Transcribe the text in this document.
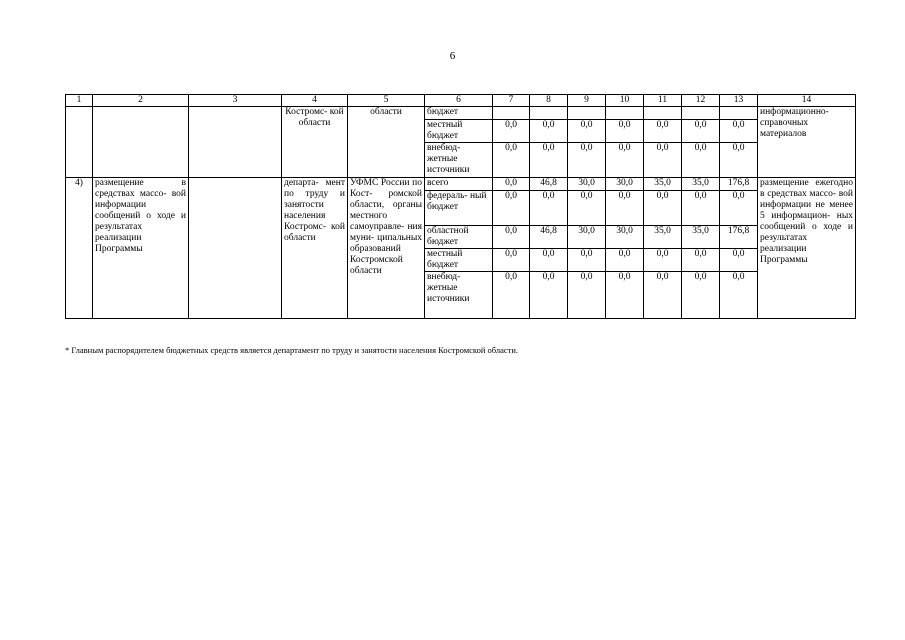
6
1	2	3	4	5	6	7	8	9	10	11	12	13	14
			Костромс- кой области	области	бюджет								информационно- справочных материалов
					местный бюджет	0,0	0,0	0,0	0,0	0,0	0,0	0,0	
					внебюд- жетные источники	0,0	0,0	0,0	0,0	0,0	0,0	0,0	
4)	размещение в средствах массо- вой информации сообщений о ходе и результатах реализации Программы		департа- мент по труду и занятости населения Костромс- кой области	УФМС России по Кост- ромской области, органы местного самоуправле- ния муни- ципальных образований Костромской области	всего	0,0	46,8	30,0	30,0	35,0	35,0	176,8	размещение ежегодно в средствах массо- вой информации не менее 5 информацион- ных сообщений о ходе и результатах реализации Программы
					федераль- ный бюджет	0,0	0,0	0,0	0,0	0,0	0,0	0,0	
					областной бюджет	0,0	46,8	30,0	30,0	35,0	35,0	176,8	
					местный бюджет	0,0	0,0	0,0	0,0	0,0	0,0	0,0	
					внебюд- жетные источники	0,0	0,0	0,0	0,0	0,0	0,0	0,0	
* Главным распорядителем бюджетных средств является департамент по труду и занятости населения Костромской области.
